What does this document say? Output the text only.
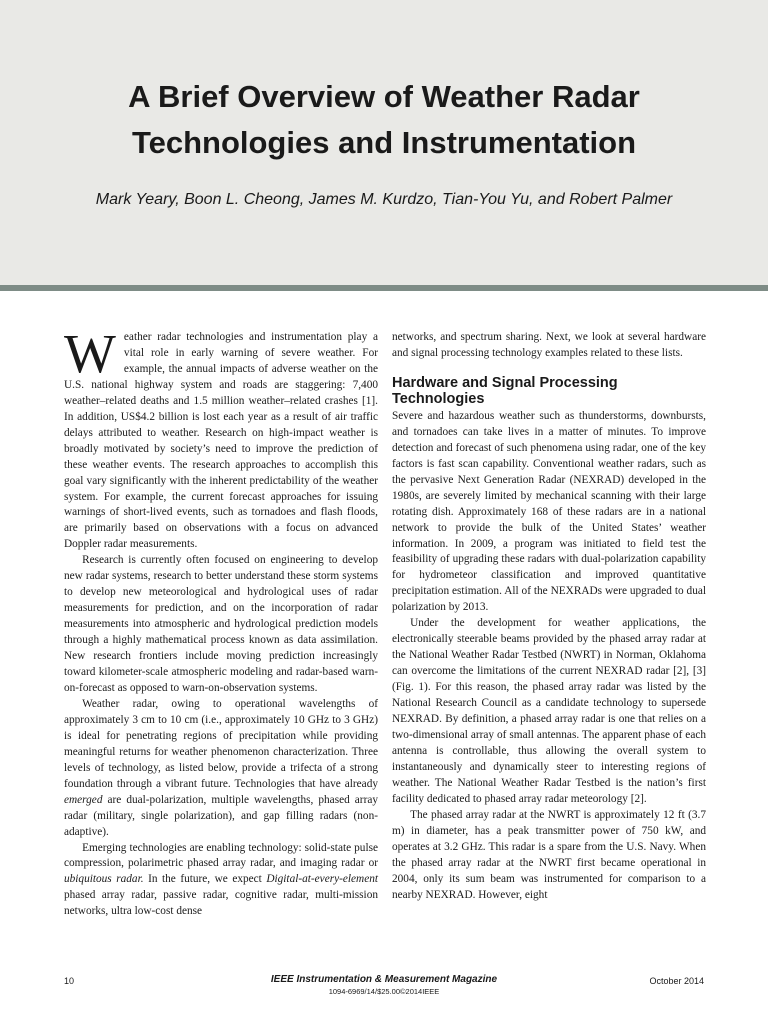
A Brief Overview of Weather Radar
Technologies and Instrumentation
Mark Yeary, Boon L. Cheong, James M. Kurdzo, Tian-You Yu, and Robert Palmer

Weather radar technologies and instrumentation play a vital role in early warning of severe weather. For example, the annual impacts of adverse weather on the U.S. national highway system and roads are staggering: 7,400 weather–related deaths and 1.5 million weather–related crashes [1]. In addition, US$4.2 billion is lost each year as a result of air traffic delays attributed to weather. Research on high-impact weather is broadly motivated by society’s need to improve the prediction of these weather events. The research approaches to accomplish this goal vary significantly with the inherent predictability of the weather system. For example, the current forecast approaches for issuing warnings of short-lived events, such as tornadoes and flash floods, are primarily based on observations with a focus on advanced Doppler radar measurements.

Research is currently often focused on engineering to develop new radar systems, research to better understand these storm systems to develop new meteorological and hydrological uses of radar measurements for prediction, and on the incorporation of radar measurements into atmospheric and hydrological prediction models through a highly mathematical process known as data assimilation. New research frontiers include moving prediction increasingly toward kilometer-scale atmospheric modeling and radar-based warn-on-forecast as opposed to warn-on-observation systems.

Weather radar, owing to operational wavelengths of approximately 3 cm to 10 cm (i.e., approximately 10 GHz to 3 GHz) is ideal for penetrating regions of precipitation while providing meaningful returns for weather phenomenon characterization. Three levels of technology, as listed below, provide a trifecta of a strong foundation through a vibrant future. Technologies that have already emerged are dual-polarization, multiple wavelengths, phased array radar (military, single polarization), and gap filling radars (non-adaptive).

Emerging technologies are enabling technology: solid-state pulse compression, polarimetric phased array radar, and imaging radar or ubiquitous radar. In the future, we expect Digital-at-every-element phased array radar, passive radar, cognitive radar, multi-mission networks, ultra low-cost dense

networks, and spectrum sharing. Next, we look at several hardware and signal processing technology examples related to these lists.

Hardware and Signal Processing Technologies

Severe and hazardous weather such as thunderstorms, downbursts, and tornadoes can take lives in a matter of minutes. To improve detection and forecast of such phenomena using radar, one of the key factors is fast scan capability. Conventional weather radars, such as the pervasive Next Generation Radar (NEXRAD) developed in the 1980s, are severely limited by mechanical scanning with their large rotating dish. Approximately 168 of these radars are in a national network to provide the bulk of the United States’ weather information. In 2009, a program was initiated to field test the feasibility of upgrading these radars with dual-polarization capability for hydrometeor classification and improved quantitative precipitation estimation. All of the NEXRADs were upgraded to dual polarization by 2013.

Under the development for weather applications, the electronically steerable beams provided by the phased array radar at the National Weather Radar Testbed (NWRT) in Norman, Oklahoma can overcome the limitations of the current NEXRAD radar [2], [3] (Fig. 1). For this reason, the phased array radar was listed by the National Research Council as a candidate technology to supersede NEXRAD. By definition, a phased array radar is one that relies on a two-dimensional array of small antennas. The apparent phase of each antenna is controllable, thus allowing the overall system to instantaneously and dynamically steer to interesting regions of weather. The National Weather Radar Testbed is the nation’s first facility dedicated to phased array radar meteorology [2].

The phased array radar at the NWRT is approximately 12 ft (3.7 m) in diameter, has a peak transmitter power of 750 kW, and operates at 3.2 GHz. This radar is a spare from the U.S. Navy. When the phased array radar at the NWRT first became operational in 2004, only its sum beam was instrumented for comparison to a nearby NEXRAD. However, eight

10	IEEE Instrumentation & Measurement Magazine
1094-6969/14/$25.00©2014IEEE
October 2014
